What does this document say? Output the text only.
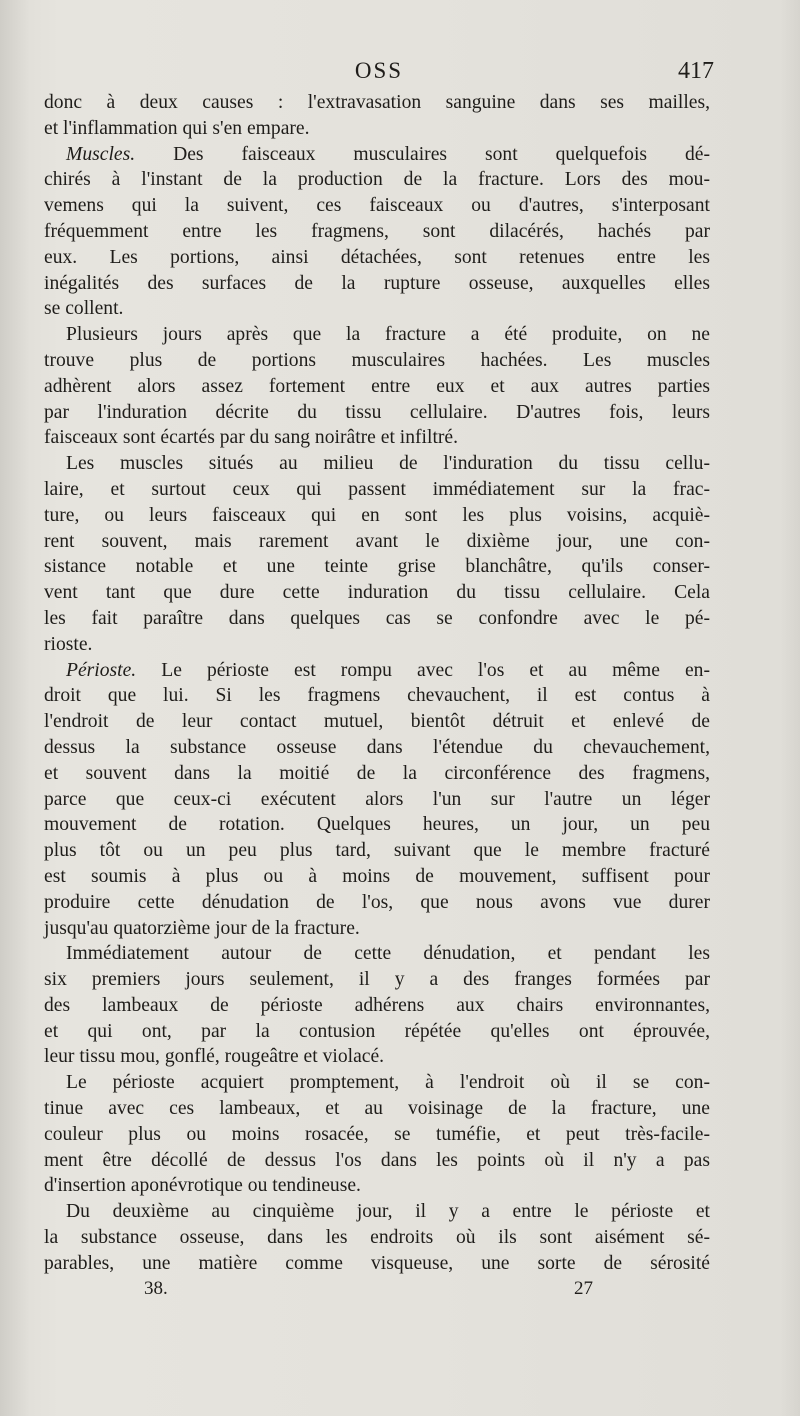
OSS	417
donc à deux causes : l'extravasation sanguine dans ses mailles,
et l'inflammation qui s'en empare.
Muscles. Des faisceaux musculaires sont quelquefois dé-
chirés à l'instant de la production de la fracture. Lors des mou-
vemens qui la suivent, ces faisceaux ou d'autres, s'interposant
fréquemment entre les fragmens, sont dilacérés, hachés par
eux. Les portions, ainsi détachées, sont retenues entre les
inégalités des surfaces de la rupture osseuse, auxquelles elles
se collent.
Plusieurs jours après que la fracture a été produite, on ne
trouve plus de portions musculaires hachées. Les muscles
adhèrent alors assez fortement entre eux et aux autres parties
par l'induration décrite du tissu cellulaire. D'autres fois, leurs
faisceaux sont écartés par du sang noirâtre et infiltré.
Les muscles situés au milieu de l'induration du tissu cellu-
laire, et surtout ceux qui passent immédiatement sur la frac-
ture, ou leurs faisceaux qui en sont les plus voisins, acquiè-
rent souvent, mais rarement avant le dixième jour, une con-
sistance notable et une teinte grise blanchâtre, qu'ils conser-
vent tant que dure cette induration du tissu cellulaire. Cela
les fait paraître dans quelques cas se confondre avec le pé-
rioste.
Périoste. Le périoste est rompu avec l'os et au même en-
droit que lui. Si les fragmens chevauchent, il est contus à
l'endroit de leur contact mutuel, bientôt détruit et enlevé de
dessus la substance osseuse dans l'étendue du chevauchement,
et souvent dans la moitié de la circonférence des fragmens,
parce que ceux-ci exécutent alors l'un sur l'autre un léger
mouvement de rotation. Quelques heures, un jour, un peu
plus tôt ou un peu plus tard, suivant que le membre fracturé
est soumis à plus ou à moins de mouvement, suffisent pour
produire cette dénudation de l'os, que nous avons vue durer
jusqu'au quatorzième jour de la fracture.
Immédiatement autour de cette dénudation, et pendant les
six premiers jours seulement, il y a des franges formées par
des lambeaux de périoste adhérens aux chairs environnantes,
et qui ont, par la contusion répétée qu'elles ont éprouvée,
leur tissu mou, gonflé, rougeâtre et violacé.
Le périoste acquiert promptement, à l'endroit où il se con-
tinue avec ces lambeaux, et au voisinage de la fracture, une
couleur plus ou moins rosacée, se tuméfie, et peut très-facile-
ment être décollé de dessus l'os dans les points où il n'y a pas
d'insertion aponévrotique ou tendineuse.
Du deuxième au cinquième jour, il y a entre le périoste et
la substance osseuse, dans les endroits où ils sont aisément sé-
parables, une matière comme visqueuse, une sorte de sérosité
38.	27
